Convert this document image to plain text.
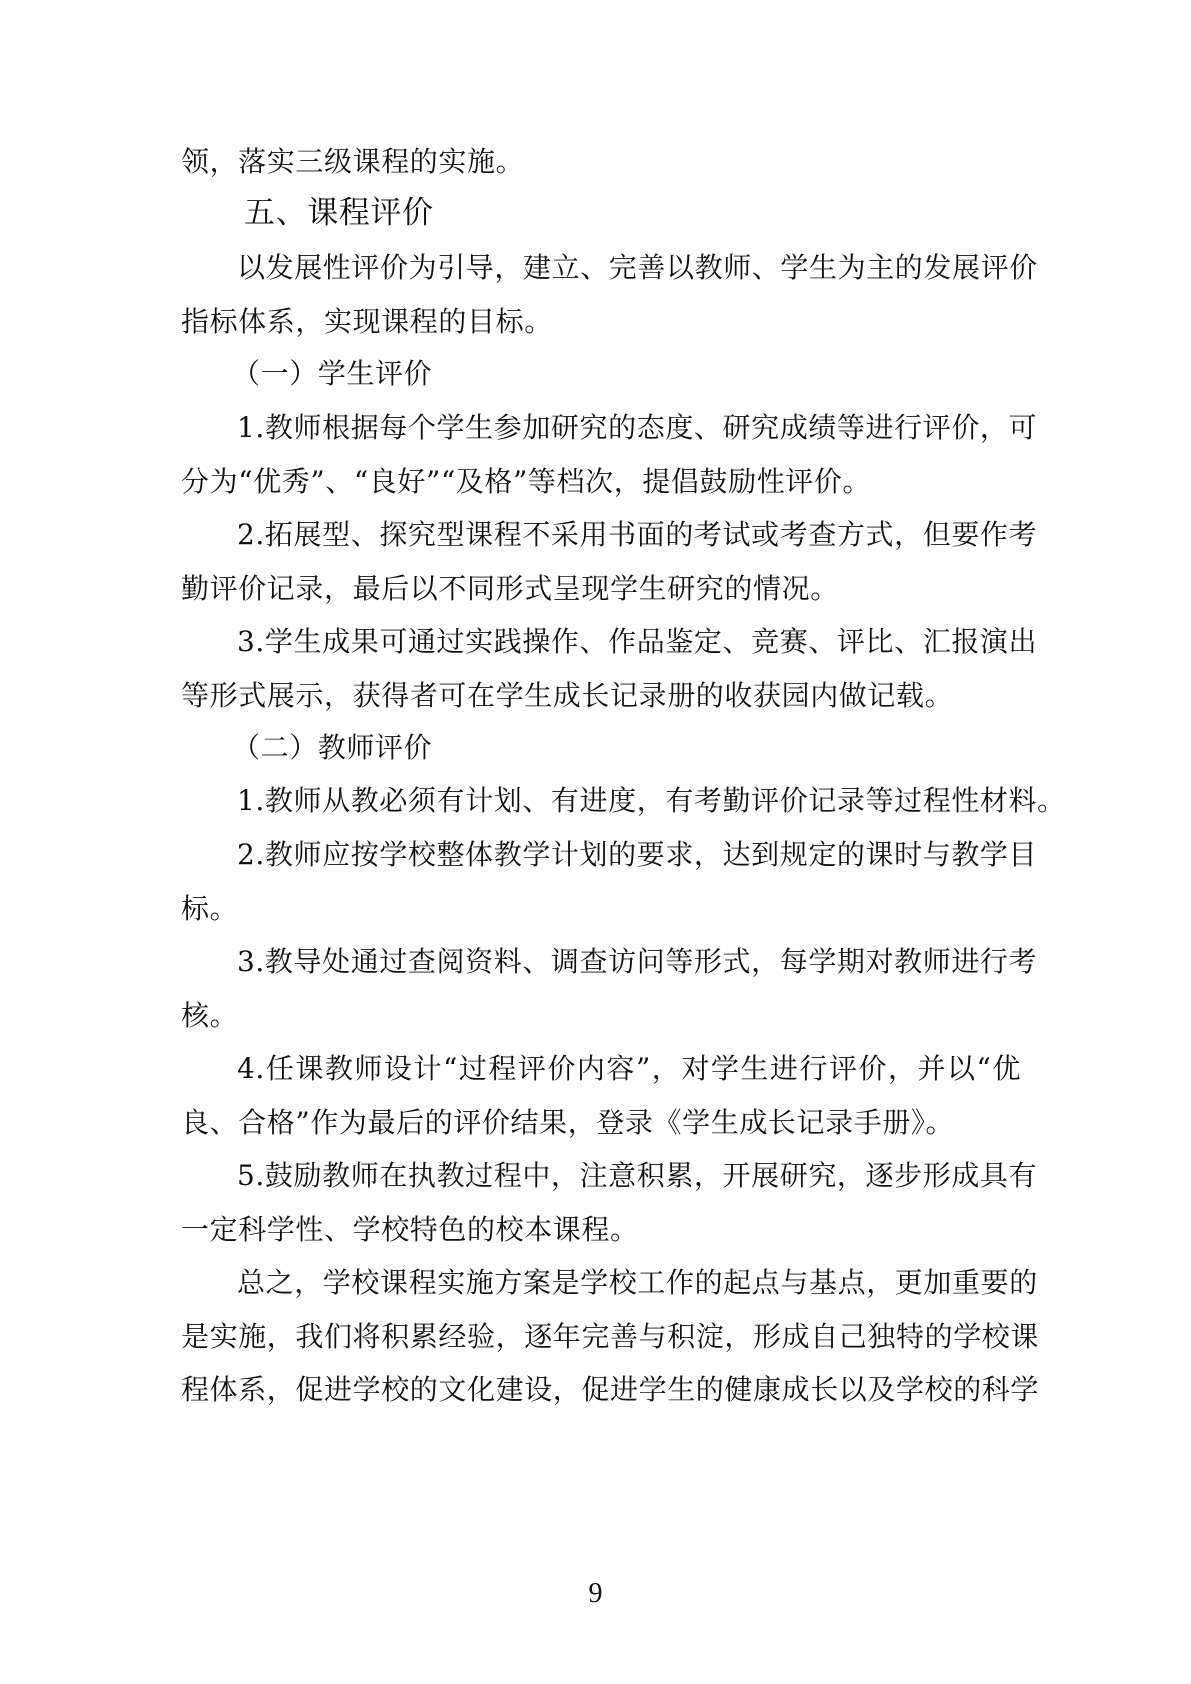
领，落实三级课程的实施。
五、课程评价
以发展性评价为引导，建立、完善以教师、学生为主的发展评价
指标体系，实现课程的目标。
（一）学生评价
1.教师根据每个学生参加研究的态度、研究成绩等进行评价，可
分为“优秀”、“良好”“及格”等档次，提倡鼓励性评价。
2.拓展型、探究型课程不采用书面的考试或考查方式，但要作考
勤评价记录，最后以不同形式呈现学生研究的情况。
3.学生成果可通过实践操作、作品鉴定、竞赛、评比、汇报演出
等形式展示，获得者可在学生成长记录册的收获园内做记载。
（二）教师评价
1.教师从教必须有计划、有进度，有考勤评价记录等过程性材料。
2.教师应按学校整体教学计划的要求，达到规定的课时与教学目
标。
3.教导处通过查阅资料、调查访问等形式，每学期对教师进行考
核。
4.任课教师设计“过程评价内容”，对学生进行评价，并以“优
良、合格”作为最后的评价结果，登录《学生成长记录手册》。
5.鼓励教师在执教过程中，注意积累，开展研究，逐步形成具有
一定科学性、学校特色的校本课程。
总之，学校课程实施方案是学校工作的起点与基点，更加重要的
是实施，我们将积累经验，逐年完善与积淀，形成自己独特的学校课
程体系，促进学校的文化建设，促进学生的健康成长以及学校的科学
9
